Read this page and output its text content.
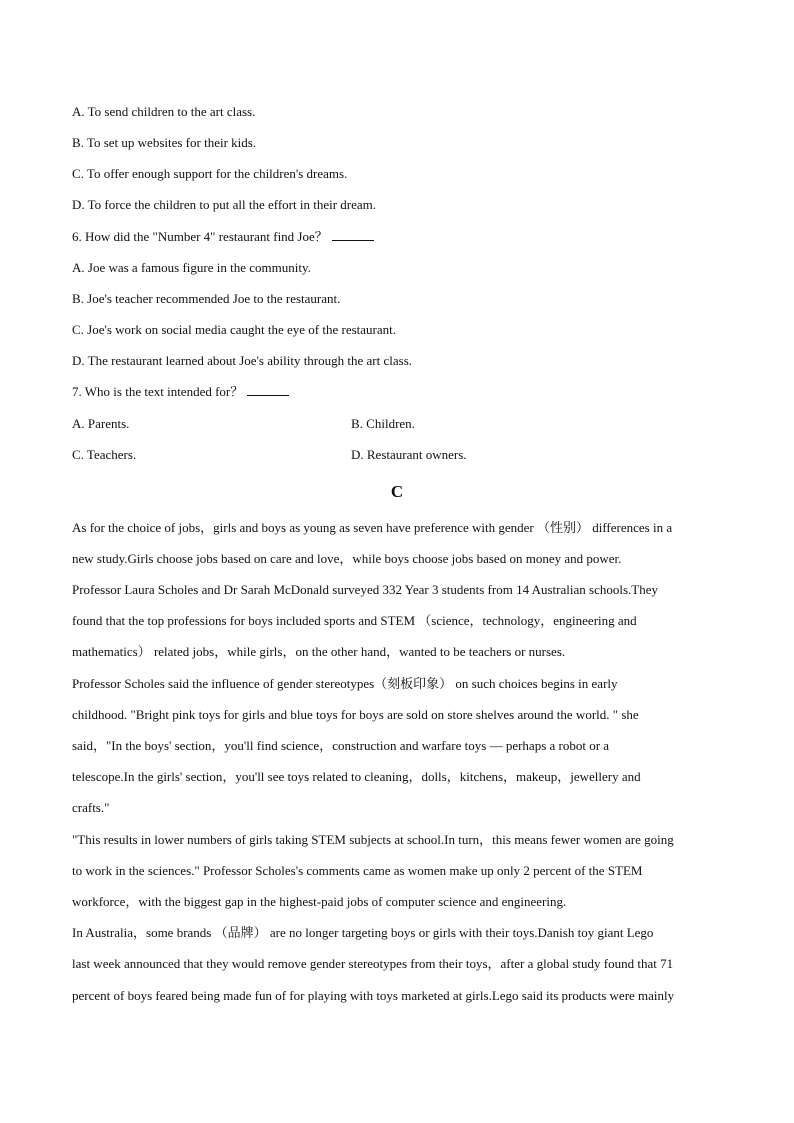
A. To send children to the art class.
B. To set up websites for their kids.
C. To offer enough support for the children's dreams.
D. To force the children to put all the effort in their dream.
6. How did the "Number 4" restaurant find Joe？
A. Joe was a famous figure in the community.
B. Joe's teacher recommended Joe to the restaurant.
C. Joe's work on social media caught the eye of the restaurant.
D. The restaurant learned about Joe's ability through the art class.
7. Who is the text intended for？
A. Parents.	B. Children.
C. Teachers.	D. Restaurant owners.
C
As for the choice of jobs，girls and boys as young as seven have preference with gender （性别） differences in a
new study.Girls choose jobs based on care and love，while boys choose jobs based on money and power.
Professor Laura Scholes and Dr Sarah McDonald surveyed 332 Year 3 students from 14 Australian schools.They
found that the top professions for boys included sports and STEM （science，technology，engineering and
mathematics） related jobs，while girls，on the other hand，wanted to be teachers or nurses.
Professor Scholes said the influence of gender stereotypes（刻板印象） on such choices begins in early
childhood. "Bright pink toys for girls and blue toys for boys are sold on store shelves around the world. " she
said，"In the boys' section，you'll find science，construction and warfare toys — perhaps a robot or a
telescope.In the girls' section，you'll see toys related to cleaning，dolls，kitchens，makeup，jewellery and
crafts."
"This results in lower numbers of girls taking STEM subjects at school.In turn，this means fewer women are going
to work in the sciences." Professor Scholes's comments came as women make up only 2 percent of the STEM
workforce，with the biggest gap in the highest-paid jobs of computer science and engineering.
In Australia，some brands （品牌） are no longer targeting boys or girls with their toys.Danish toy giant Lego
last week announced that they would remove gender stereotypes from their toys，after a global study found that 71
percent of boys feared being made fun of for playing with toys marketed at girls.Lego said its products were mainly
